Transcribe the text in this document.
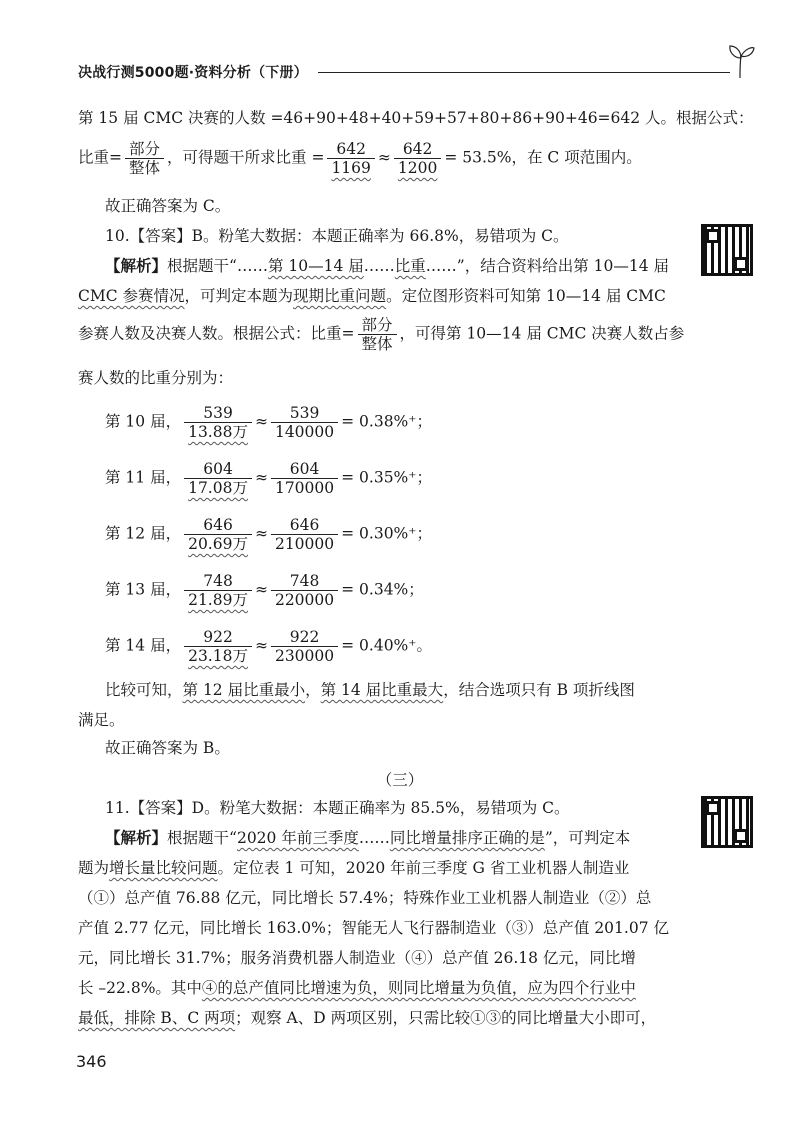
决战行测5000题·资料分析（下册）
第 15 届 CMC 决赛的人数 =46+90+48+40+59+57+80+86+90+46=642 人。根据公式：
比重= $\frac{\text{部分}}{\text{整体}}$ ，可得题干所求比重 = $\frac{642}{1169} \approx \frac{642}{1200} = 53.5\%$，在 C 项范围内。
故正确答案为 C。
10.【答案】B。粉笔大数据：本题正确率为 66.8%，易错项为 C。
【解析】根据题干“……第 10—14 届……比重……”，结合资料给出第 10—14 届
CMC 参赛情况，可判定本题为现期比重问题。定位图形资料可知第 10—14 届 CMC
参赛人数及决赛人数。根据公式：比重= $\frac{\text{部分}}{\text{整体}}$ ，可得第 10—14 届 CMC 决赛人数占参
赛人数的比重分别为：
第 10 届， $\frac{539}{\text{13.88万}} \approx \frac{539}{140000} = 0.38\%^+$；
第 11 届， $\frac{604}{\text{17.08万}} \approx \frac{604}{170000} = 0.35\%^+$；
第 12 届， $\frac{646}{\text{20.69万}} \approx \frac{646}{210000} = 0.30\%^+$；
第 13 届， $\frac{748}{\text{21.89万}} \approx \frac{748}{220000} = 0.34\%$；
第 14 届， $\frac{922}{\text{23.18万}} \approx \frac{922}{230000} = 0.40\%^+$。
比较可知，第 12 届比重最小，第 14 届比重最大，结合选项只有 B 项折线图
满足。
故正确答案为 B。
（三）
11.【答案】D。粉笔大数据：本题正确率为 85.5%，易错项为 C。
【解析】根据题干“2020 年前三季度……同比增量排序正确的是”，可判定本
题为增长量比较问题。定位表 1 可知，2020 年前三季度 G 省工业机器人制造业
（①）总产值 76.88 亿元，同比增长 57.4%；特殊作业工业机器人制造业（②）总
产值 2.77 亿元，同比增长 163.0%；智能无人飞行器制造业（③）总产值 201.07 亿
元，同比增长 31.7%；服务消费机器人制造业（④）总产值 26.18 亿元，同比增
长 –22.8%。其中④的总产值同比增速为负，则同比增量为负值，应为四个行业中
最低，排除 B、C 两项；观察 A、D 两项区别，只需比较①③的同比增量大小即可，
346
